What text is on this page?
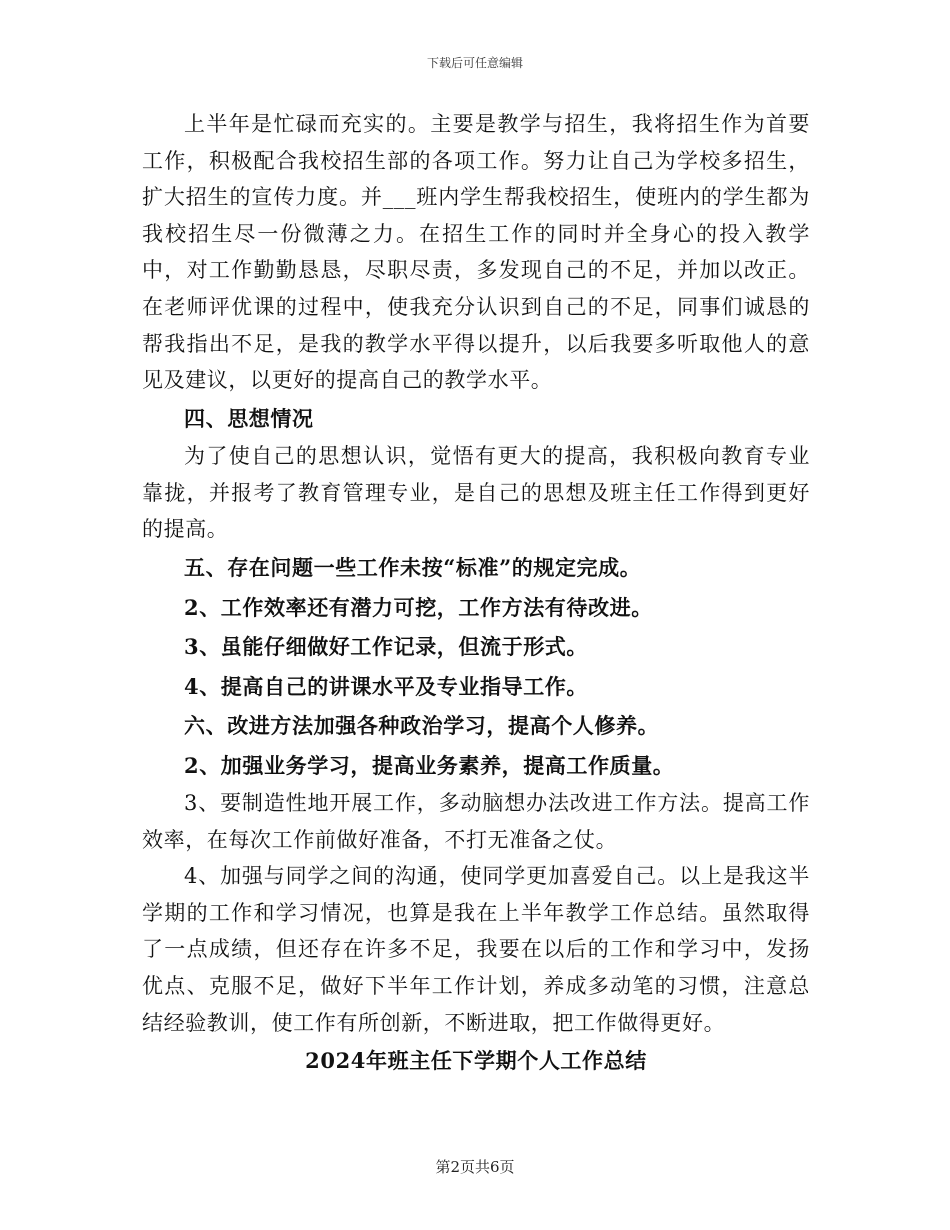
下载后可任意编辑

上半年是忙碌而充实的。主要是教学与招生，我将招生作为首要工作，积极配合我校招生部的各项工作。努力让自己为学校多招生，扩大招生的宣传力度。并___班内学生帮我校招生，使班内的学生都为我校招生尽一份微薄之力。在招生工作的同时并全身心的投入教学中，对工作勤勤恳恳，尽职尽责，多发现自己的不足，并加以改正。在老师评优课的过程中，使我充分认识到自己的不足，同事们诚恳的帮我指出不足，是我的教学水平得以提升，以后我要多听取他人的意见及建议，以更好的提高自己的教学水平。

四、思想情况

为了使自己的思想认识，觉悟有更大的提高，我积极向教育专业靠拢，并报考了教育管理专业，是自己的思想及班主任工作得到更好的提高。

五、存在问题一些工作未按“标准”的规定完成。

2、工作效率还有潜力可挖，工作方法有待改进。

3、虽能仔细做好工作记录，但流于形式。

4、提高自己的讲课水平及专业指导工作。

六、改进方法加强各种政治学习，提高个人修养。

2、加强业务学习，提高业务素养，提高工作质量。

3、要制造性地开展工作，多动脑想办法改进工作方法。提高工作效率，在每次工作前做好准备，不打无准备之仗。

4、加强与同学之间的沟通，使同学更加喜爱自己。以上是我这半学期的工作和学习情况，也算是我在上半年教学工作总结。虽然取得了一点成绩，但还存在许多不足，我要在以后的工作和学习中，发扬优点、克服不足，做好下半年工作计划，养成多动笔的习惯，注意总结经验教训，使工作有所创新，不断进取，把工作做得更好。

2024年班主任下学期个人工作总结

第2页共6页
